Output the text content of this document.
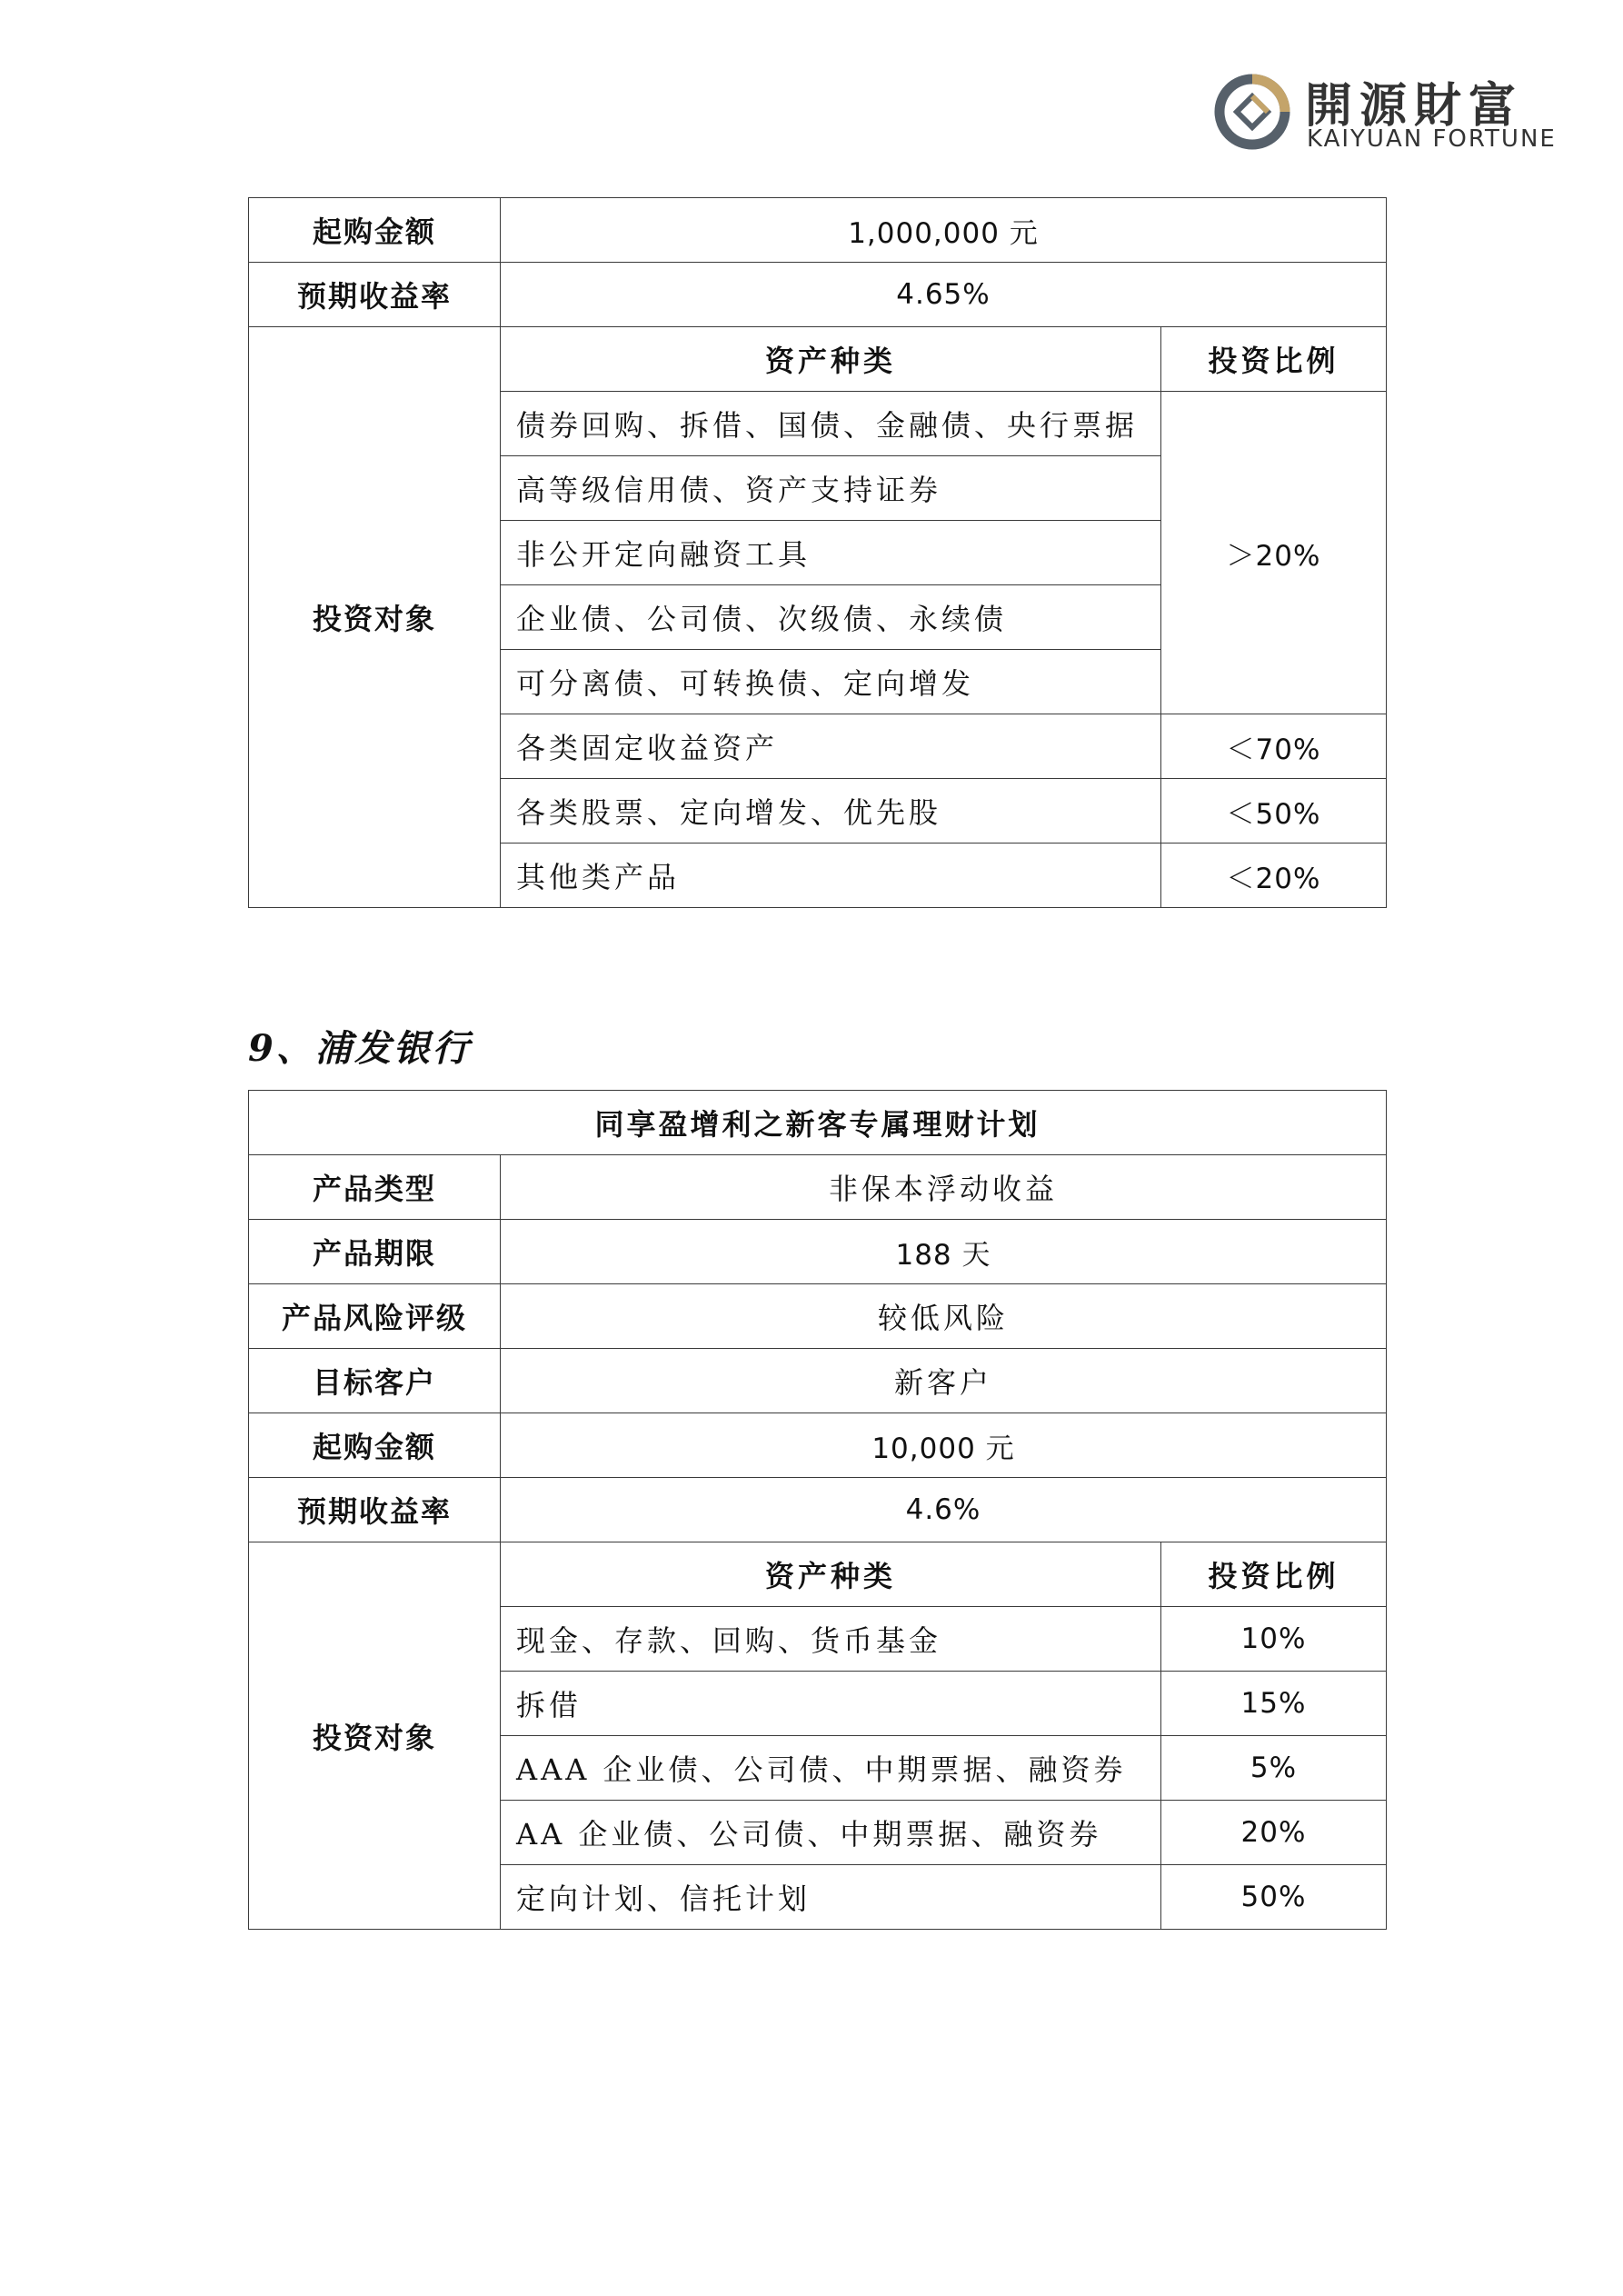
開源財富
KAIYUAN FORTUNE
起购金额	1,000,000 元	
预期收益率	4.65%	
投资对象	资产种类	投资比例
	债券回购、拆借、国债、金融债、央行票据	＞20%
	高等级信用债、资产支持证券	
	非公开定向融资工具	
	企业债、公司债、次级债、永续债	
	可分离债、可转换债、定向增发	
	各类固定收益资产	＜70%
	各类股票、定向增发、优先股	＜50%
	其他类产品	＜20%
9、浦发银行
同享盈增利之新客专属理财计划		
产品类型	非保本浮动收益	
产品期限	188 天	
产品风险评级	较低风险	
目标客户	新客户	
起购金额	10,000 元	
预期收益率	4.6%	
投资对象	资产种类	投资比例
	现金、存款、回购、货币基金	10%
	拆借	15%
	AAA 企业债、公司债、中期票据、融资券	5%
	AA 企业债、公司债、中期票据、融资券	20%
	定向计划、信托计划	50%
